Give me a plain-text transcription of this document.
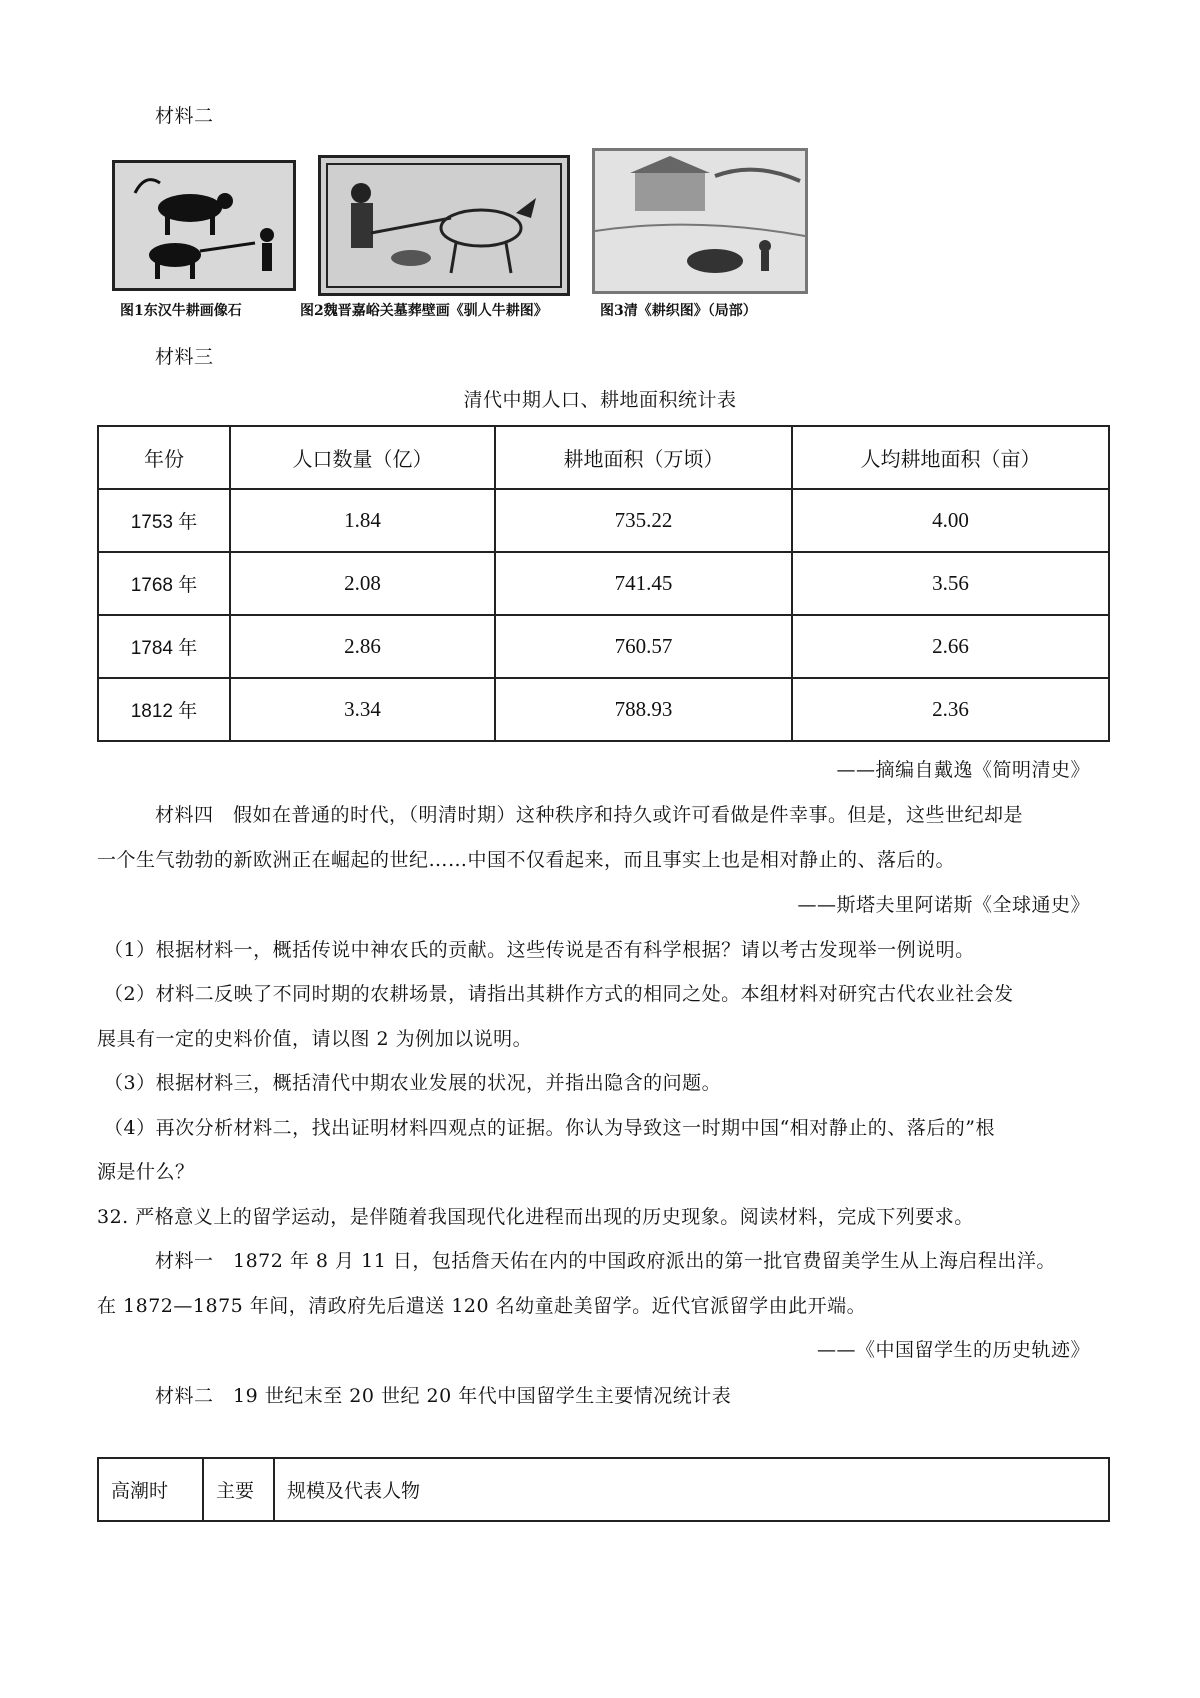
材料二
图1东汉牛耕画像石	图2魏晋嘉峪关墓葬壁画《驯人牛耕图》	图3清《耕织图》（局部）
材料三
清代中期人口、耕地面积统计表
年份	人口数量（亿）	耕地面积（万顷）	人均耕地面积（亩）
1753 年	1.84	735.22	4.00
1768 年	2.08	741.45	3.56
1784 年	2.86	760.57	2.66
1812 年	3.34	788.93	2.36
——摘编自戴逸《简明清史》
材料四　假如在普通的时代，（明清时期）这种秩序和持久或许可看做是件幸事。但是，这些世纪却是
一个生气勃勃的新欧洲正在崛起的世纪……中国不仅看起来，而且事实上也是相对静止的、落后的。
——斯塔夫里阿诺斯《全球通史》
（1）根据材料一，概括传说中神农氏的贡献。这些传说是否有科学根据？请以考古发现举一例说明。
（2）材料二反映了不同时期的农耕场景，请指出其耕作方式的相同之处。本组材料对研究古代农业社会发
展具有一定的史料价值，请以图 2 为例加以说明。
（3）根据材料三，概括清代中期农业发展的状况，并指出隐含的问题。
（4）再次分析材料二，找出证明材料四观点的证据。你认为导致这一时期中国“相对静止的、落后的”根
源是什么？
32. 严格意义上的留学运动，是伴随着我国现代化进程而出现的历史现象。阅读材料，完成下列要求。
材料一　1872 年 8 月 11 日，包括詹天佑在内的中国政府派出的第一批官费留美学生从上海启程出洋。
在 1872—1875 年间，清政府先后遣送 120 名幼童赴美留学。近代官派留学由此开端。
——《中国留学生的历史轨迹》
材料二　19 世纪末至 20 世纪 20 年代中国留学生主要情况统计表
高潮时	主要	规模及代表人物
